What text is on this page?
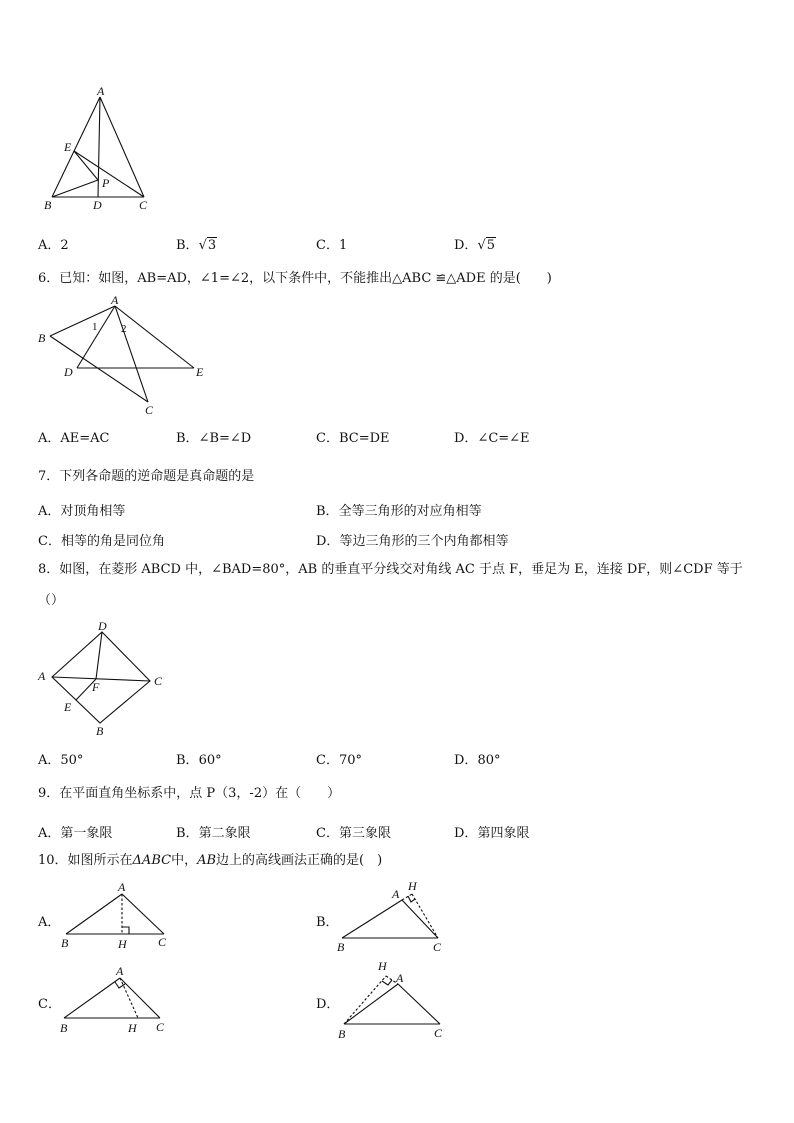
A
E
P
B	D	C
A．2	B．√3	C．1	D．√5
6．已知：如图，AB=AD，∠1=∠2，以下条件中，不能推出△ABC ≌△ADE 的是(　　)
A
B
D	E
C
1 2
A．AE=AC	B．∠B=∠D	C．BC=DE	D．∠C=∠E
7．下列各命题的逆命题是真命题的是
A．对顶角相等	B．全等三角形的对应角相等
C．相等的角是同位角	D．等边三角形的三个内角都相等
8．如图，在菱形 ABCD 中，∠BAD=80°，AB 的垂直平分线交对角线 AC 于点 F，垂足为 E，连接 DF，则∠CDF 等于
（）
D
A
F	C
E
B
A．50°	B．60°	C．70°	D．80°
9．在平面直角坐标系中，点 P（3，-2）在（　　）
A．第一象限	B．第二象限	C．第三象限	D．第四象限
10．如图所示在ΔABC中，AB边上的高线画法正确的是(　)
A．
A
B	H	C
B．
A
H
B	C
C．
A
B	H C
D．
H
A
B	C
